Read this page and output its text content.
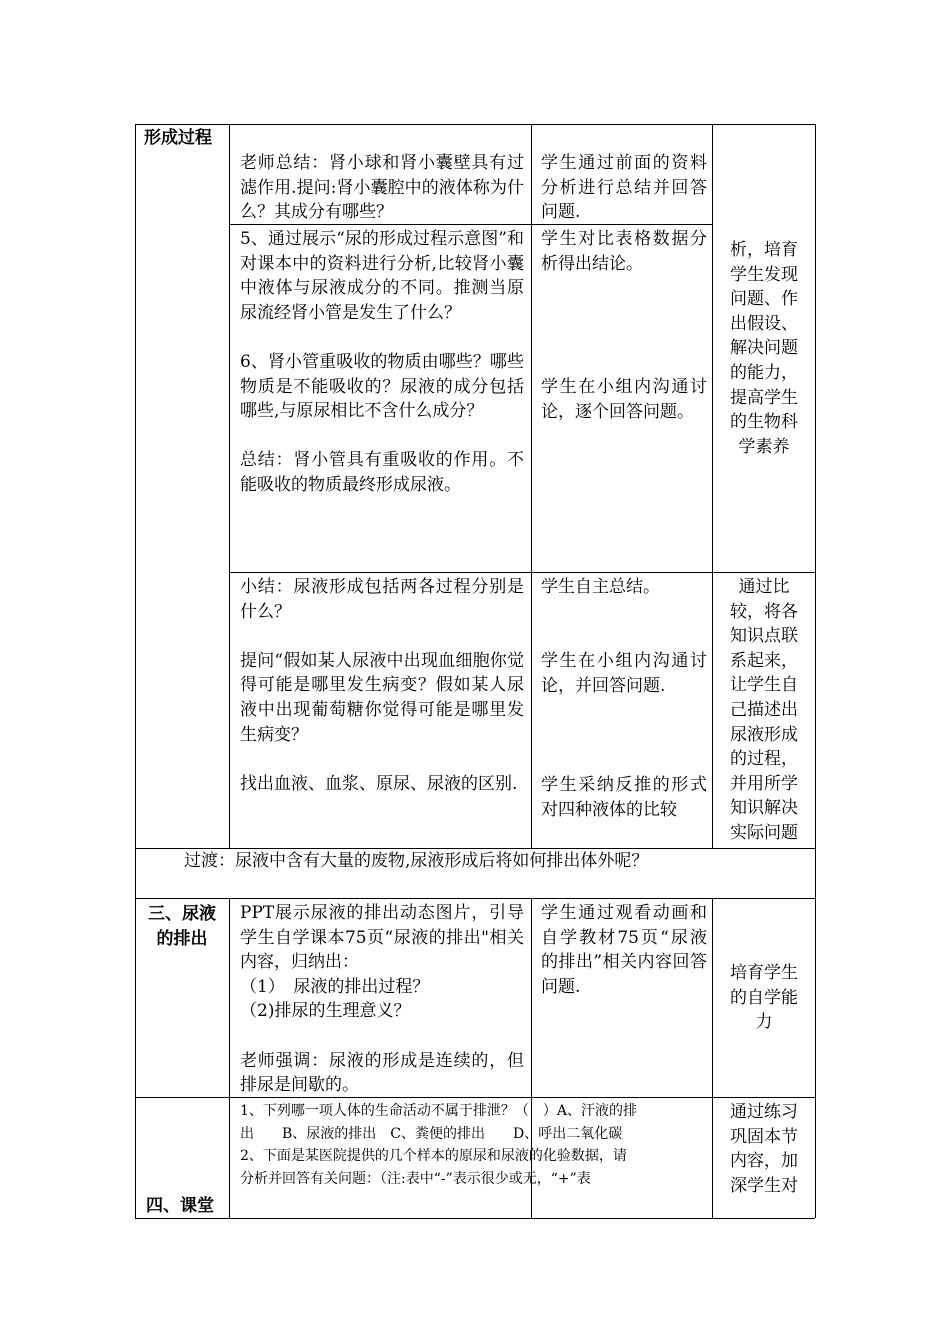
形成过程
老师总结：肾小球和肾小囊壁具有过滤作用.提问:肾小囊腔中的液体称为什么？其成分有哪些？
学生通过前面的资料分析进行总结并回答问题.
5、通过展示“尿的形成过程示意图”和对课本中的资料进行分析,比较肾小囊中液体与尿液成分的不同。推测当原尿流经肾小管是发生了什么？
6、肾小管重吸收的物质由哪些？哪些物质是不能吸收的？尿液的成分包括哪些,与原尿相比不含什么成分？
总结：肾小管具有重吸收的作用。不能吸收的物质最终形成尿液。
学生对比表格数据分析得出结论。
学生在小组内沟通讨论，逐个回答问题。
析，培育
学生发现
问题、作
出假设、
解决问题
的能力，
提高学生
的生物科
学素养
小结：尿液形成包括两各过程分别是什么？
提问“假如某人尿液中出现血细胞你觉得可能是哪里发生病变？假如某人尿液中出现葡萄糖你觉得可能是哪里发生病变？
找出血液、血浆、原尿、尿液的区别.
学生自主总结。
学生在小组内沟通讨论，并回答问题.
学生采纳反推的形式对四种液体的比较
通过比
较，将各
知识点联
系起来，
让学生自
己描述出
尿液形成
的过程，
并用所学
知识解决
实际问题
过渡：尿液中含有大量的废物,尿液形成后将如何排出体外呢？
三、尿液
的排出
PPT展示尿液的排出动态图片，引导学生自学课本75页“尿液的排出"相关内容，归纳出：
（1）　尿液的排出过程？
（2)排尿的生理意义？
老师强调：尿液的形成是连续的，但排尿是间歇的。
学生通过观看动画和自学教材75页“尿液的排出”相关内容回答问题.
培育学生
的自学能
力
四、课堂
1、下列哪一项人体的生命活动不属于排泄？（　）A、汗液的排
出　　B、尿液的排出　C、粪便的排出　　D、呼出二氧化碳
2、下面是某医院提供的几个样本的原尿和尿液的化验数据，请
分析并回答有关问题：（注:表中“-”表示很少或无，“+”表
通过练习
巩固本节
内容，加
深学生对
